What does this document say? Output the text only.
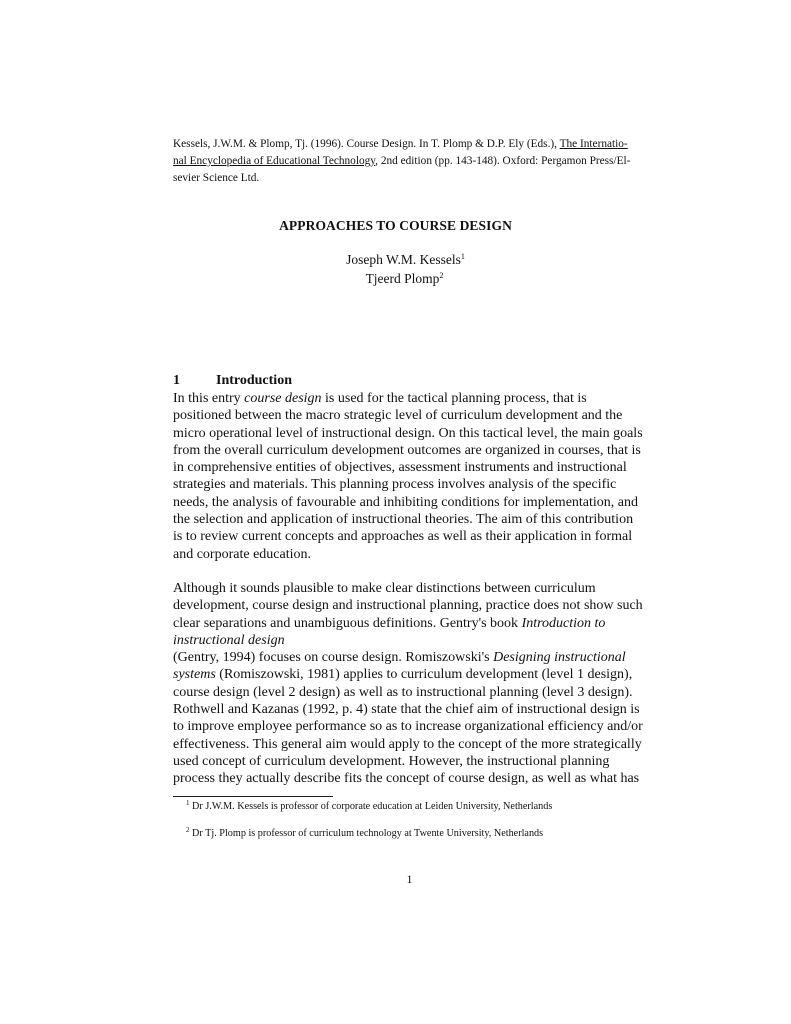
Kessels, J.W.M. & Plomp, Tj. (1996). Course Design. In T. Plomp & D.P. Ely (Eds.), The Internatio-
nal Encyclopedia of Educational Technology, 2nd edition (pp. 143-148). Oxford: Pergamon Press/El-
sevier Science Ltd.
APPROACHES TO COURSE DESIGN
Joseph W.M. Kessels$^1$
Tjeerd Plomp$^2$
1	Introduction
In this entry course design is used for the tactical planning process, that is
positioned between the macro strategic level of curriculum development and the
micro operational level of instructional design. On this tactical level, the main goals
from the overall curriculum development outcomes are organized in courses, that is
in comprehensive entities of objectives, assessment instruments and instructional
strategies and materials. This planning process involves analysis of the specific
needs, the analysis of favourable and inhibiting conditions for implementation, and
the selection and application of instructional theories. The aim of this contribution
is to review current concepts and approaches as well as their application in formal
and corporate education.
Although it sounds plausible to make clear distinctions between curriculum
development, course design and instructional planning, practice does not show such
clear separations and unambiguous definitions. Gentry's book Introduction to
instructional design
(Gentry, 1994) focuses on course design. Romiszowski's Designing instructional
systems (Romiszowski, 1981) applies to curriculum development (level 1 design),
course design (level 2 design) as well as to instructional planning (level 3 design).
Rothwell and Kazanas (1992, p. 4) state that the chief aim of instructional design is
to improve employee performance so as to increase organizational efficiency and/or
effectiveness. This general aim would apply to the concept of the more strategically
used concept of curriculum development. However, the instructional planning
process they actually describe fits the concept of course design, as well as what has
$^1$ Dr J.W.M. Kessels is professor of corporate education at Leiden University, Netherlands
$^2$ Dr Tj. Plomp is professor of curriculum technology at Twente University, Netherlands
1
